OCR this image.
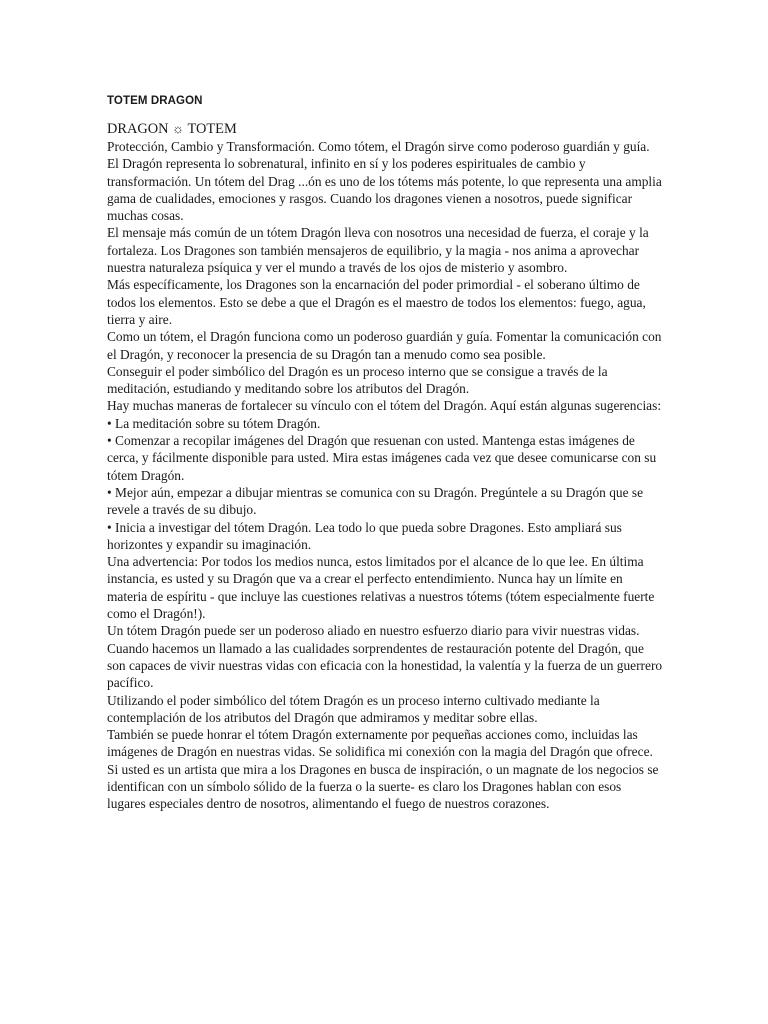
TOTEM DRAGON

DRAGON ☼ TOTEM

Protección, Cambio y Transformación. Como tótem, el Dragón sirve como poderoso guardián y guía.

El Dragón representa lo sobrenatural, infinito en sí y los poderes espirituales de cambio y transformación. Un tótem del Drag ...ón es uno de los tótems más potente, lo que representa una amplia gama de cualidades, emociones y rasgos. Cuando los dragones vienen a nosotros, puede significar muchas cosas.

El mensaje más común de un tótem Dragón lleva con nosotros una necesidad de fuerza, el coraje y la fortaleza. Los Dragones son también mensajeros de equilibrio, y la magia - nos anima a aprovechar nuestra naturaleza psíquica y ver el mundo a través de los ojos de misterio y asombro.

Más específicamente, los Dragones son la encarnación del poder primordial - el soberano último de todos los elementos. Esto se debe a que el Dragón es el maestro de todos los elementos: fuego, agua, tierra y aire.

Como un tótem, el Dragón funciona como un poderoso guardián y guía. Fomentar la comunicación con el Dragón, y reconocer la presencia de su Dragón tan a menudo como sea posible.

Conseguir el poder simbólico del Dragón es un proceso interno que se consigue a través de la meditación, estudiando y meditando sobre los atributos del Dragón.

Hay muchas maneras de fortalecer su vínculo con el tótem del Dragón. Aquí están algunas sugerencias:

• La meditación sobre su tótem Dragón.

• Comenzar a recopilar imágenes del Dragón que resuenan con usted. Mantenga estas imágenes de cerca, y fácilmente disponible para usted. Mira estas imágenes cada vez que desee comunicarse con su tótem Dragón.

• Mejor aún, empezar a dibujar mientras se comunica con su Dragón. Pregúntele a su Dragón que se revele a través de su dibujo.

• Inicia a investigar del tótem Dragón. Lea todo lo que pueda sobre Dragones. Esto ampliará sus horizontes y expandir su imaginación.

Una advertencia: Por todos los medios nunca, estos limitados por el alcance de lo que lee. En última instancia, es usted y su Dragón que va a crear el perfecto entendimiento. Nunca hay un límite en materia de espíritu - que incluye las cuestiones relativas a nuestros tótems (tótem especialmente fuerte como el Dragón!).

Un tótem Dragón puede ser un poderoso aliado en nuestro esfuerzo diario para vivir nuestras vidas. Cuando hacemos un llamado a las cualidades sorprendentes de restauración potente del Dragón, que son capaces de vivir nuestras vidas con eficacia con la honestidad, la valentía y la fuerza de un guerrero pacífico.

Utilizando el poder simbólico del tótem Dragón es un proceso interno cultivado mediante la contemplación de los atributos del Dragón que admiramos y meditar sobre ellas.

También se puede honrar el tótem Dragón externamente por pequeñas acciones como, incluidas las imágenes de Dragón en nuestras vidas. Se solidifica mi conexión con la magia del Dragón que ofrece.

Si usted es un artista que mira a los Dragones en busca de inspiración, o un magnate de los negocios se identifican con un símbolo sólido de la fuerza o la suerte- es claro los Dragones hablan con esos lugares especiales dentro de nosotros, alimentando el fuego de nuestros corazones.
